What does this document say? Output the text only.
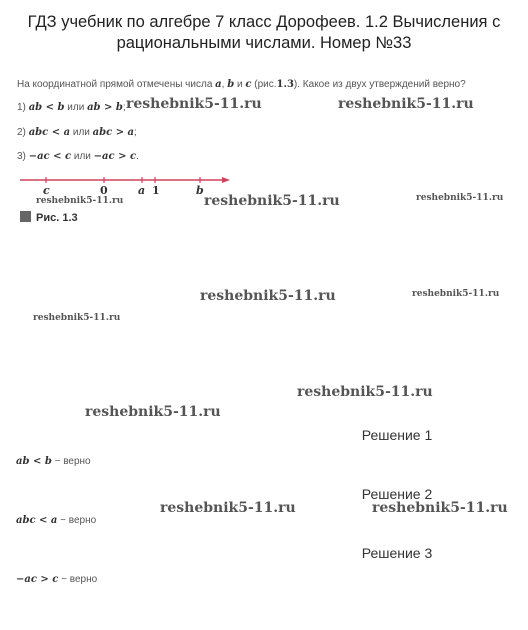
ГДЗ учебник по алгебре 7 класс Дорофеев. 1.2 Вычисления с рациональными числами. Номер №33
На координатной прямой отмечены числа a, b и c (рис.1.3). Какое из двух утверждений верно?
1) ab < b или ab > b;
2) abc < a или abc > a;
3) −ac < c или −ac > c.
c	0	a 1	b
Рис. 1.3
reshebnik5-11.ru	reshebnik5-11.ru
reshebnik5-11.ru	reshebnik5-11.ru	reshebnik5-11.ru
reshebnik5-11.ru	reshebnik5-11.ru
reshebnik5-11.ru
reshebnik5-11.ru
reshebnik5-11.ru
reshebnik5-11.ru	reshebnik5-11.ru
Решение 1
ab < b − верно
Решение 2
abc < a − верно
Решение 3
−ac > c − верно
